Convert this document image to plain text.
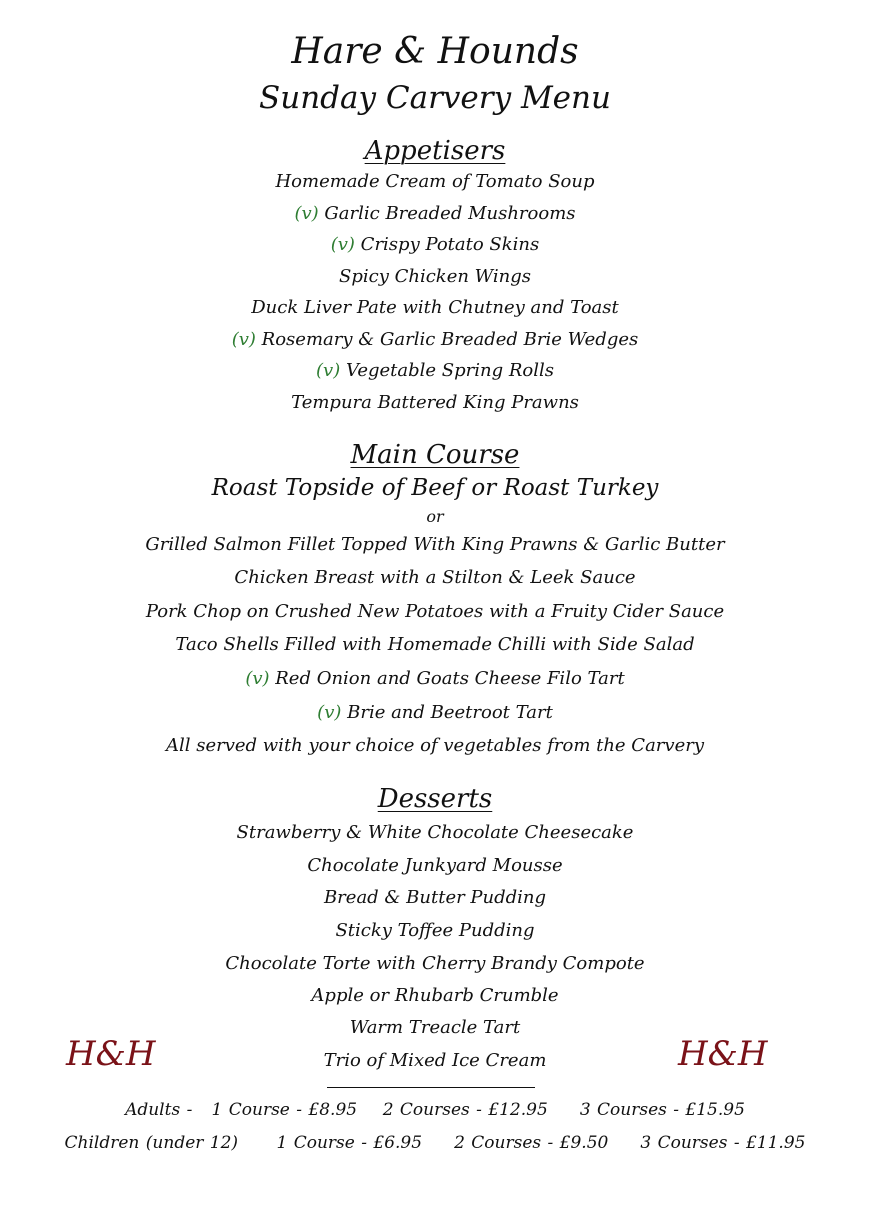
Hare & Hounds
Sunday Carvery Menu
Appetisers
Homemade Cream of Tomato Soup
(v) Garlic Breaded Mushrooms
(v) Crispy Potato Skins
Spicy Chicken Wings
Duck Liver Pate with Chutney and Toast
(v) Rosemary & Garlic Breaded Brie Wedges
(v) Vegetable Spring Rolls
Tempura Battered King Prawns
Main Course
Roast Topside of Beef or Roast Turkey
or
Grilled Salmon Fillet Topped With King Prawns & Garlic Butter
Chicken Breast with a Stilton & Leek Sauce
Pork Chop on Crushed New Potatoes with a Fruity Cider Sauce
Taco Shells Filled with Homemade Chilli with Side Salad
(v) Red Onion and Goats Cheese Filo Tart
(v) Brie and Beetroot Tart
All served with your choice of vegetables from the Carvery
Desserts
Strawberry & White Chocolate Cheesecake
Chocolate Junkyard Mousse
Bread & Butter Pudding
Sticky Toffee Pudding
Chocolate Torte with Cherry Brandy Compote
Apple or Rhubarb Crumble
Warm Treacle Tart
Trio of Mixed Ice Cream
H&H	H&H
Adults - 1 Course - £8.95 2 Courses - £12.95 3 Courses - £15.95
Children (under 12) 1 Course - £6.95 2 Courses - £9.50 3 Courses - £11.95
